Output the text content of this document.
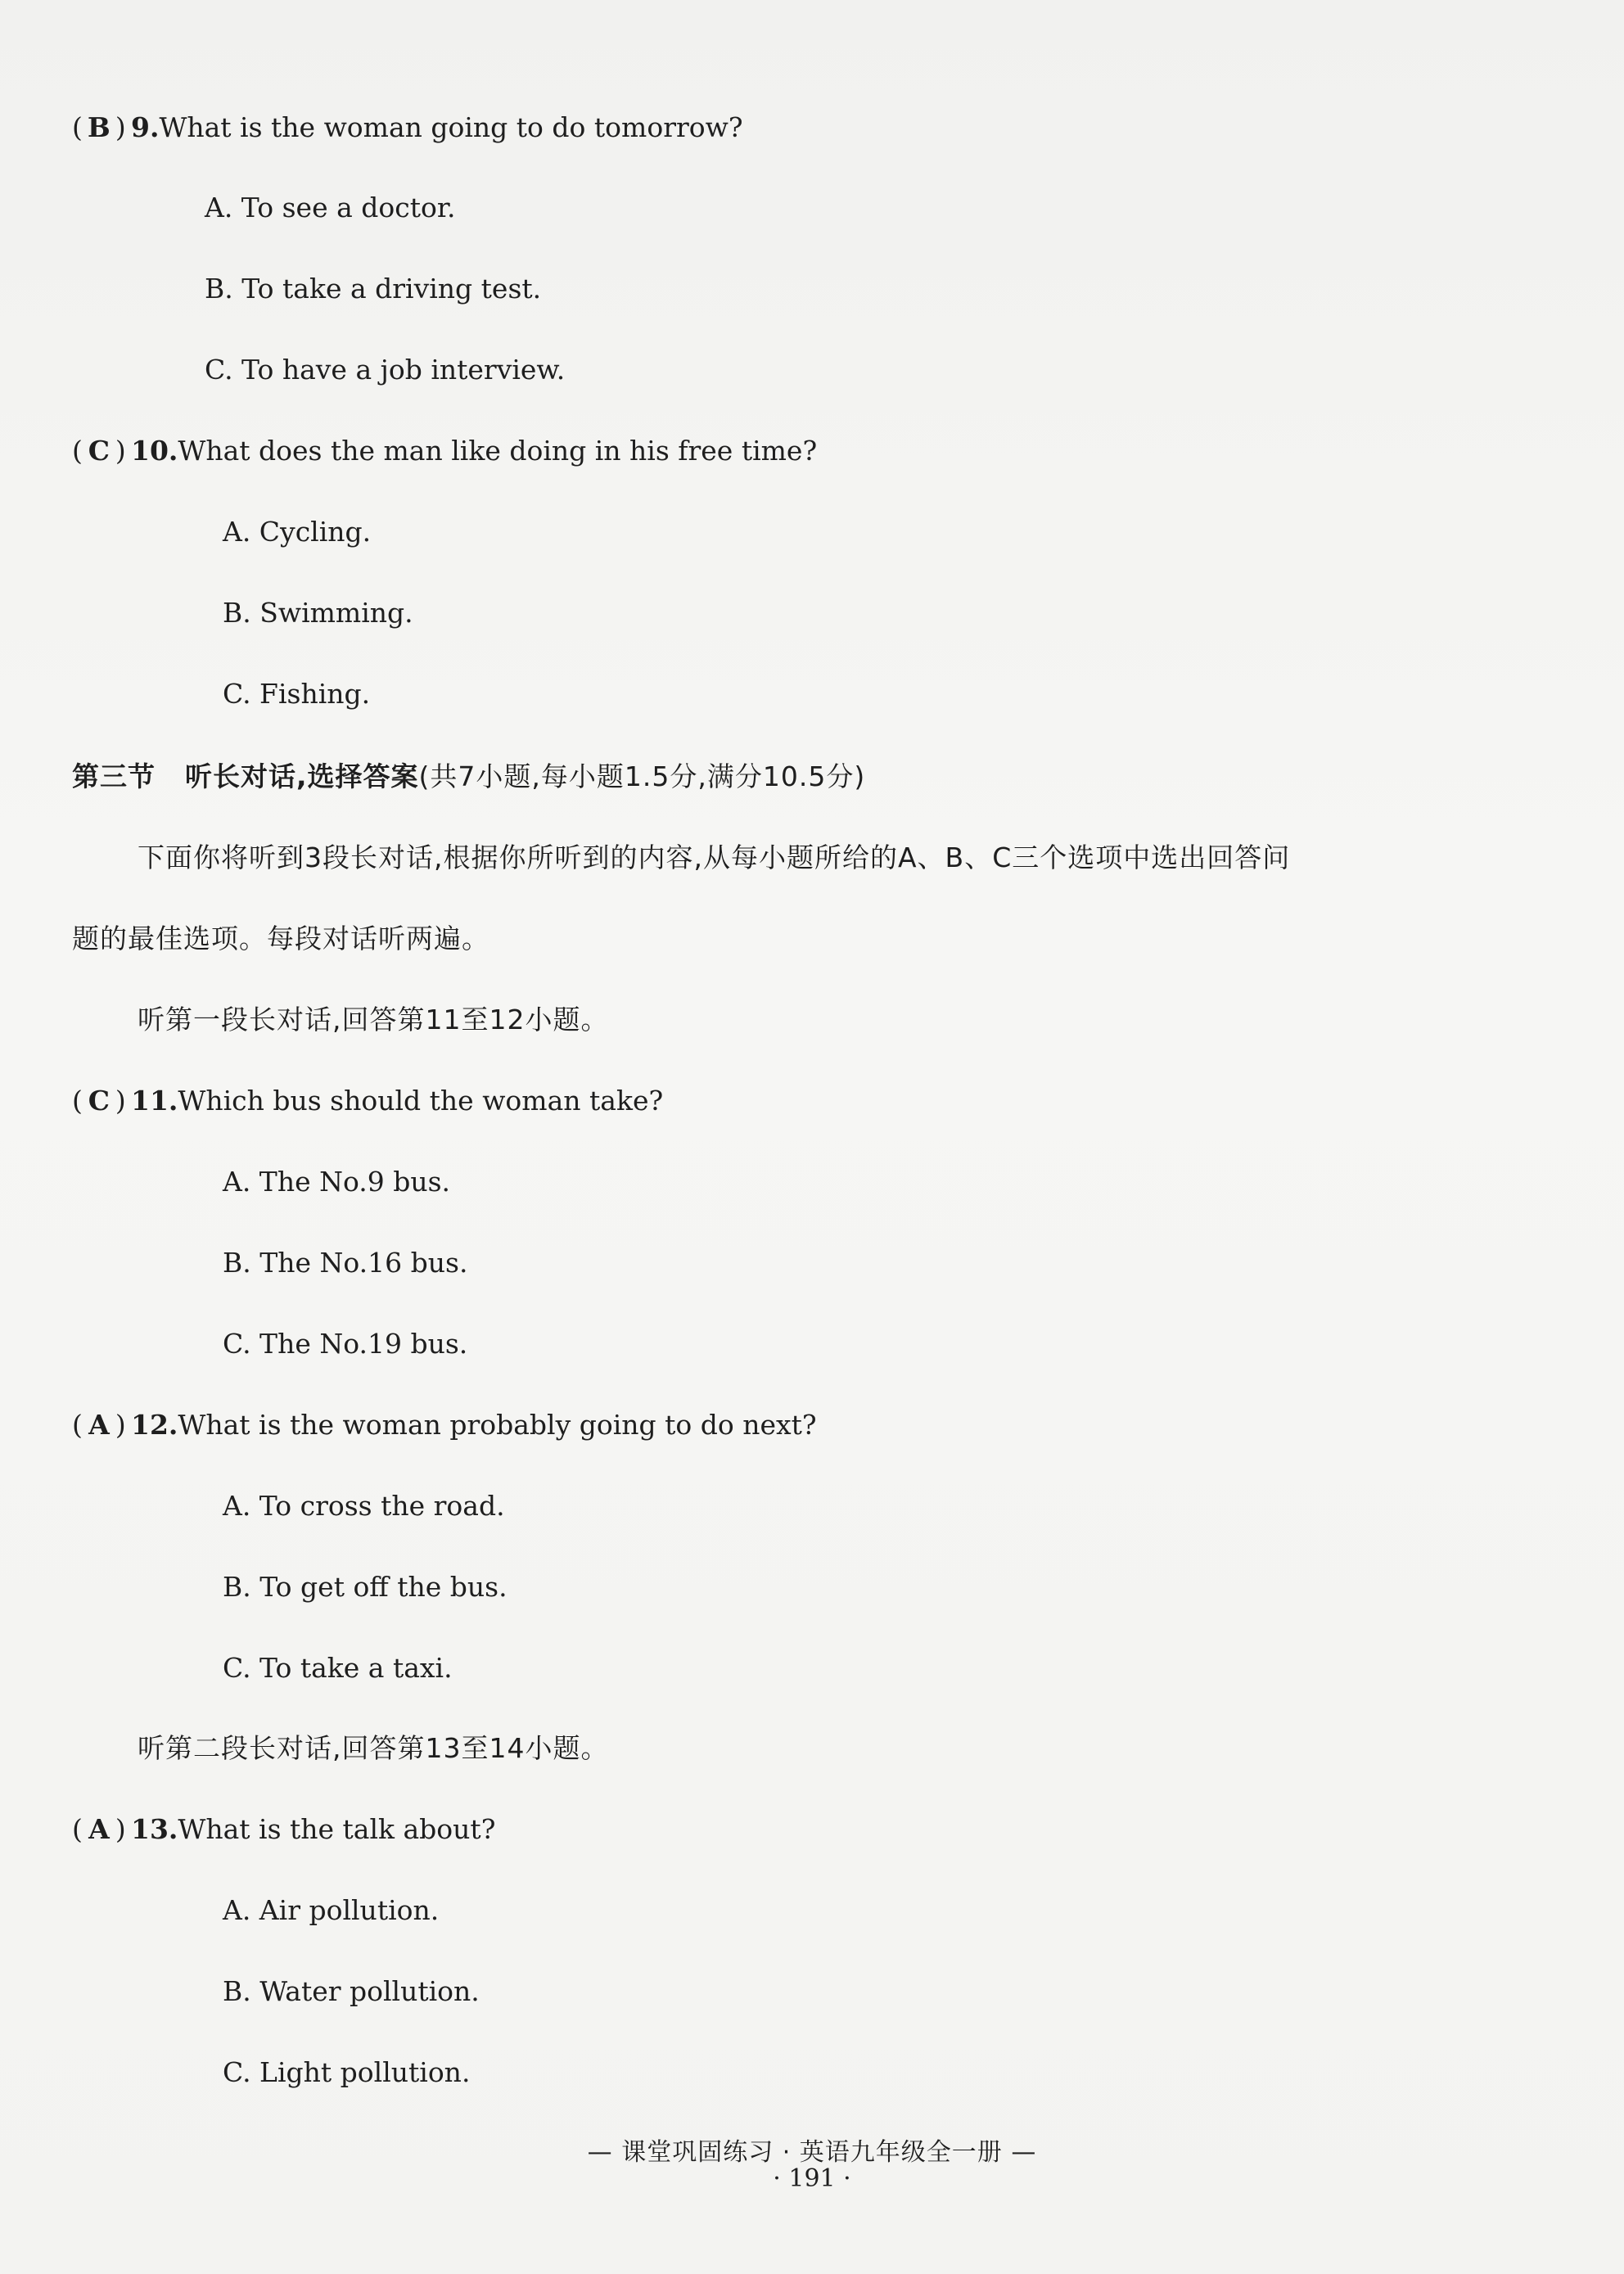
( B ) 9.What is the woman going to do tomorrow?
A. To see a doctor.
B. To take a driving test.
C. To have a job interview.
( C ) 10.What does the man like doing in his free time?
A. Cycling.
B. Swimming.
C. Fishing.
第三节 听长对话,选择答案(共7小题,每小题1.5分,满分10.5分)
下面你将听到3段长对话,根据你所听到的内容,从每小题所给的A、B、C三个选项中选出回答问
题的最佳选项。每段对话听两遍。
听第一段长对话,回答第11至12小题。
( C ) 11.Which bus should the woman take?
A. The No.9 bus.
B. The No.16 bus.
C. The No.19 bus.
( A ) 12.What is the woman probably going to do next?
A. To cross the road.
B. To get off the bus.
C. To take a taxi.
听第二段长对话,回答第13至14小题。
( A ) 13.What is the talk about?
A. Air pollution.
B. Water pollution.
C. Light pollution.
— 课堂巩固练习 · 英语九年级全一册 —
· 191 ·
